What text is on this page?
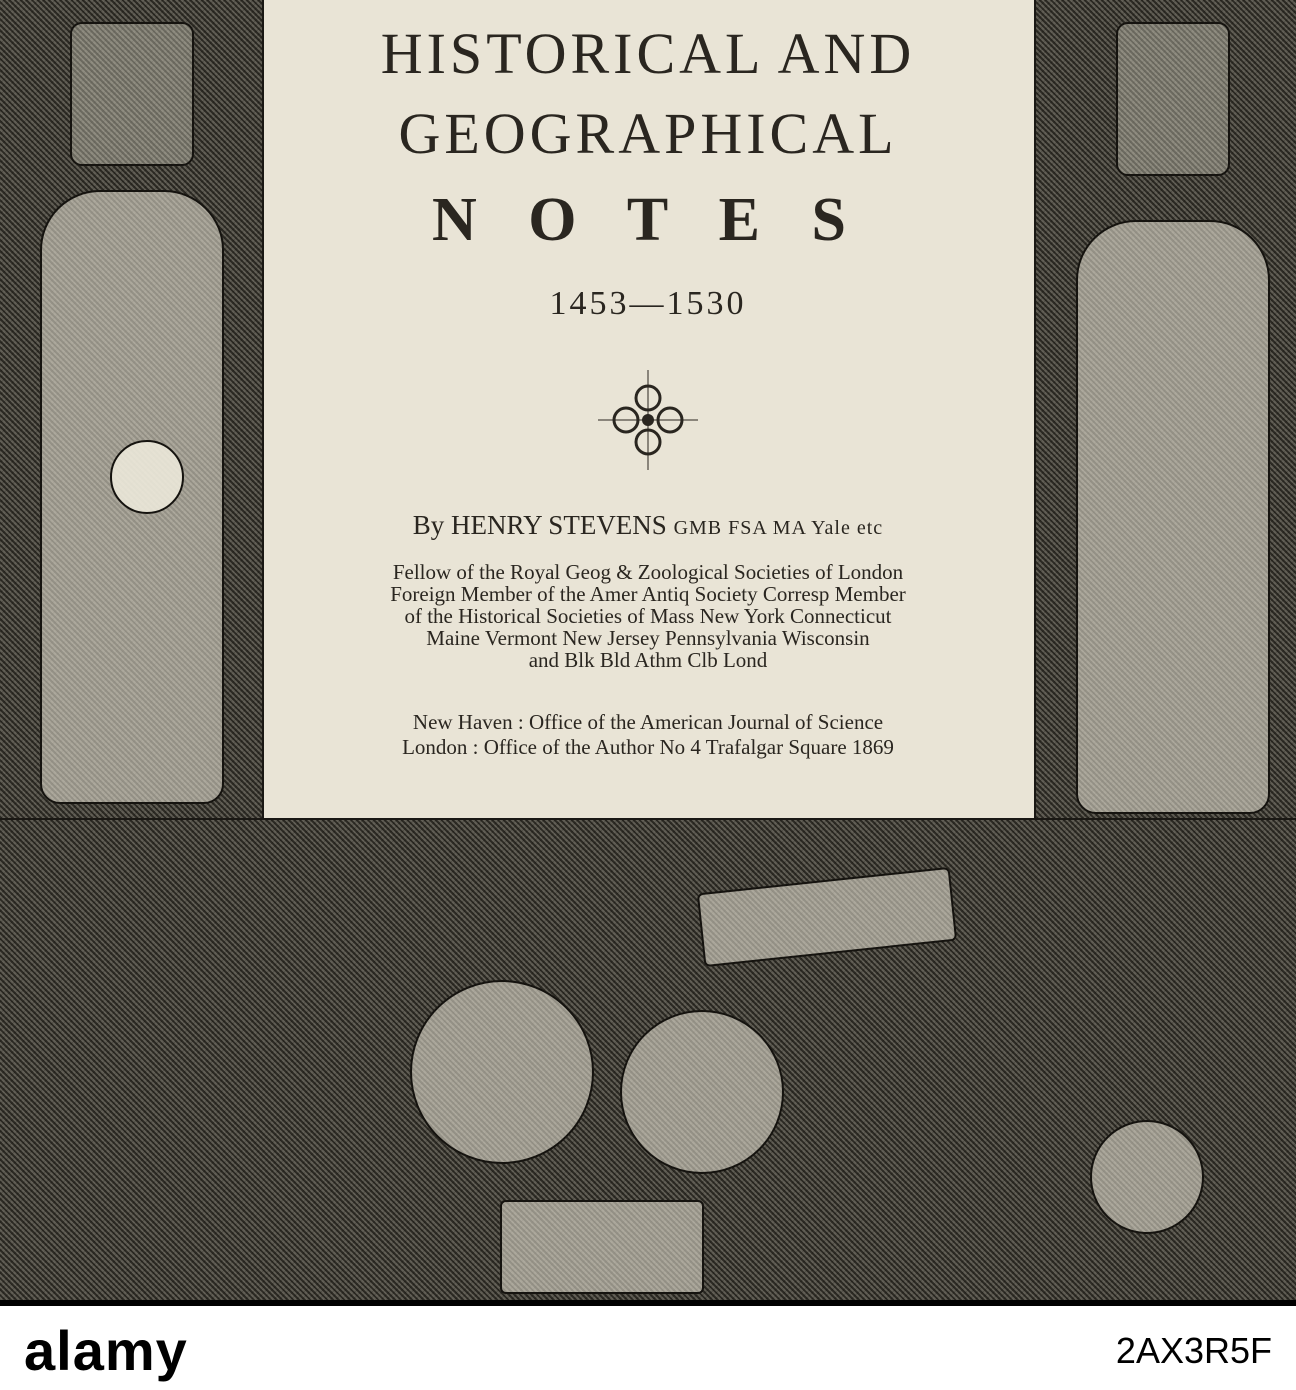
HISTORICAL AND
GEOGRAPHICAL
N O T E S
1453—1530
By HENRY STEVENS GMB FSA MA Yale etc
Fellow of the Royal Geog & Zoological Societies of London
Foreign Member of the Amer Antiq Society Corresp Member
of the Historical Societies of Mass New York Connecticut
Maine Vermont New Jersey Pennsylvania Wisconsin
and Blk Bld Athm Clb Lond
New Haven : Office of the American Journal of Science
London : Office of the Author No 4 Trafalgar Square 1869
alamy	2AX3R5F
